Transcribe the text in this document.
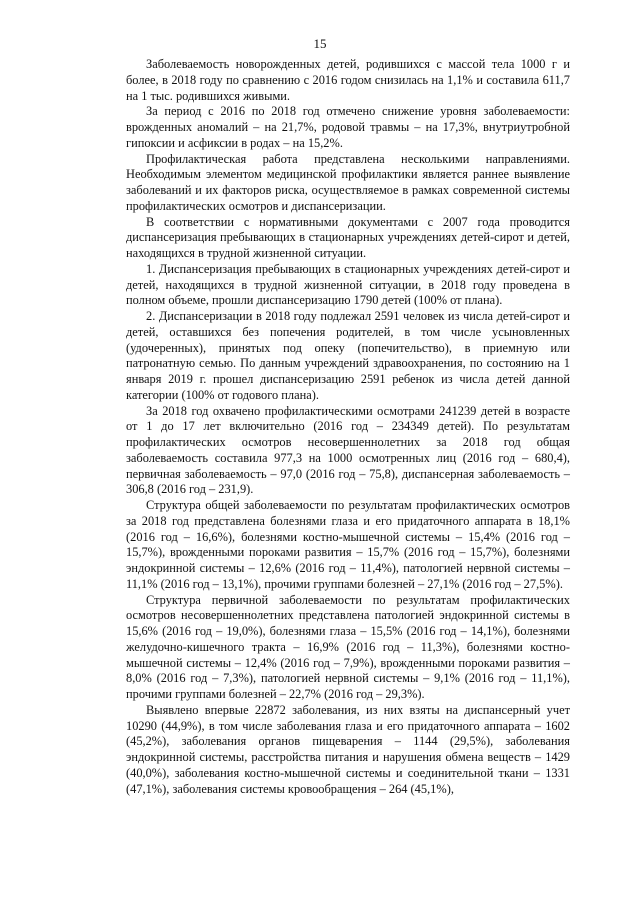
15

Заболеваемость новорожденных детей, родившихся с массой тела 1000 г и более, в 2018 году по сравнению с 2016 годом снизилась на 1,1% и составила 611,7 на 1 тыс. родившихся живыми.

За период с 2016 по 2018 год отмечено снижение уровня заболеваемости: врожденных аномалий – на 21,7%, родовой травмы – на 17,3%, внутриутробной гипоксии и асфиксии в родах – на 15,2%.

Профилактическая работа представлена несколькими направлениями. Необходимым элементом медицинской профилактики является раннее выявление заболеваний и их факторов риска, осуществляемое в рамках современной системы профилактических осмотров и диспансеризации.

В соответствии с нормативными документами с 2007 года проводится диспансеризация пребывающих в стационарных учреждениях детей-сирот и детей, находящихся в трудной жизненной ситуации.

1. Диспансеризация пребывающих в стационарных учреждениях детей-сирот и детей, находящихся в трудной жизненной ситуации, в 2018 году проведена в полном объеме, прошли диспансеризацию 1790 детей (100% от плана).

2. Диспансеризации в 2018 году подлежал 2591 человек из числа детей-сирот и детей, оставшихся без попечения родителей, в том числе усыновленных (удочеренных), принятых под опеку (попечительство), в приемную или патронатную семью. По данным учреждений здравоохранения, по состоянию на 1 января 2019 г. прошел диспансеризацию 2591 ребенок из числа детей данной категории (100% от годового плана).

За 2018 год охвачено профилактическими осмотрами 241239 детей в возрасте от 1 до 17 лет включительно (2016 год – 234349 детей). По результатам профилактических осмотров несовершеннолетних за 2018 год общая заболеваемость составила 977,3 на 1000 осмотренных лиц (2016 год – 680,4), первичная заболеваемость – 97,0 (2016 год – 75,8), диспансерная заболеваемость – 306,8 (2016 год – 231,9).

Структура общей заболеваемости по результатам профилактических осмотров за 2018 год представлена болезнями глаза и его придаточного аппарата в 18,1% (2016 год – 16,6%), болезнями костно-мышечной системы – 15,4% (2016 год – 15,7%), врожденными пороками развития – 15,7% (2016 год – 15,7%), болезнями эндокринной системы – 12,6% (2016 год – 11,4%), патологией нервной системы – 11,1% (2016 год – 13,1%), прочими группами болезней – 27,1% (2016 год – 27,5%).

Структура первичной заболеваемости по результатам профилактических осмотров несовершеннолетних представлена патологией эндокринной системы в 15,6% (2016 год – 19,0%), болезнями глаза – 15,5% (2016 год – 14,1%), болезнями желудочно-кишечного тракта – 16,9% (2016 год – 11,3%), болезнями костно-мышечной системы – 12,4% (2016 год – 7,9%), врожденными пороками развития – 8,0% (2016 год – 7,3%), патологией нервной системы – 9,1% (2016 год – 11,1%), прочими группами болезней – 22,7% (2016 год – 29,3%).

Выявлено впервые 22872 заболевания, из них взяты на диспансерный учет 10290 (44,9%), в том числе заболевания глаза и его придаточного аппарата – 1602 (45,2%), заболевания органов пищеварения – 1144 (29,5%), заболевания эндокринной системы, расстройства питания и нарушения обмена веществ – 1429 (40,0%), заболевания костно-мышечной системы и соединительной ткани – 1331 (47,1%), заболевания системы кровообращения – 264 (45,1%),
